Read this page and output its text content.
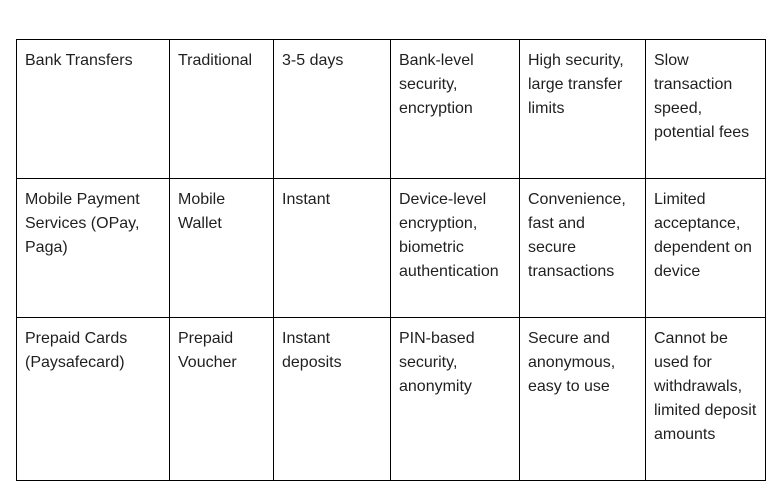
Bank Transfers	Traditional	3-5 days	Bank-level security, encryption	High security, large transfer limits	Slow transaction speed, potential fees
Mobile Payment Services (OPay, Paga)	Mobile Wallet	Instant	Device-level encryption, biometric authentication	Convenience, fast and secure transactions	Limited acceptance, dependent on device
Prepaid Cards (Paysafecard)	Prepaid Voucher	Instant deposits	PIN-based security, anonymity	Secure and anonymous, easy to use	Cannot be used for withdrawals, limited deposit amounts
